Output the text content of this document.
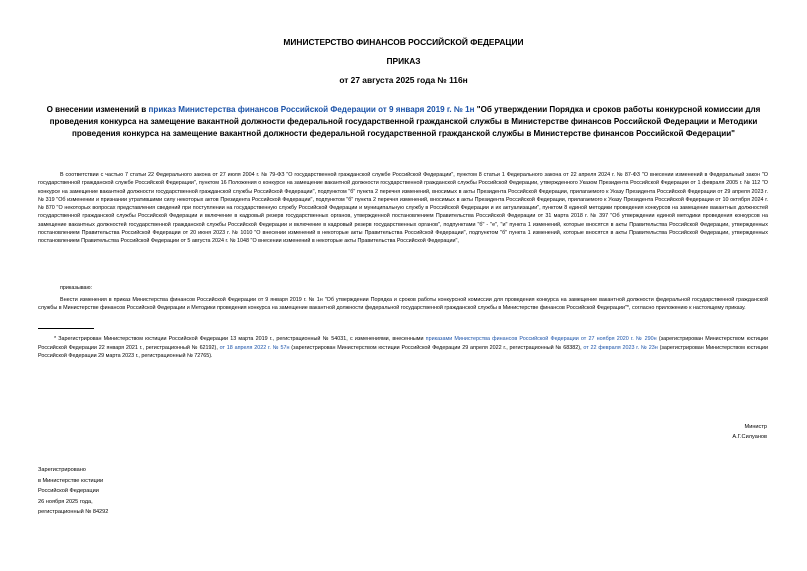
МИНИСТЕРСТВО ФИНАНСОВ РОССИЙСКОЙ ФЕДЕРАЦИИ
ПРИКАЗ
от 27 августа 2025 года № 116н
О внесении изменений в приказ Министерства финансов Российской Федерации от 9 января 2019 г. № 1н "Об утверждении Порядка и сроков работы конкурсной комиссии для проведения конкурса на замещение вакантной должности федеральной государственной гражданской службы в Министерстве финансов Российской Федерации и Методики проведения конкурса на замещение вакантной должности федеральной государственной гражданской службы в Министерстве финансов Российской Федерации"
В соответствии с частью 7 статьи 22 Федерального закона от 27 июля 2004 г. № 79-ФЗ "О государственной гражданской службе Российской Федерации", пунктом 8 статьи 1 Федерального закона от 22 апреля 2024 г. № 87-ФЗ "О внесении изменений в Федеральный закон "О государственной гражданской службе Российской Федерации", пунктом 16 Положения о конкурсе на замещение вакантной должности государственной гражданской службы Российской Федерации, утвержденного Указом Президента Российской Федерации от 1 февраля 2005 г. № 112 "О конкурсе на замещение вакантной должности государственной гражданской службы Российской Федерации", подпунктом "б" пункта 2 перечня изменений, вносимых в акты Президента Российской Федерации, прилагаемого к Указу Президента Российской Федерации от 29 апреля 2023 г. № 319 "Об изменении и признании утратившими силу некоторых актов Президента Российской Федерации", подпунктом "б" пункта 2 перечня изменений, вносимых в акты Президента Российской Федерации, прилагаемого к Указу Президента Российской Федерации от 10 октября 2024 г. № 870 "О некоторых вопросах представления сведений при поступлении на государственную службу Российской Федерации и муниципальную службу в Российской Федерации и их актуализации", пунктом 8 единой методики проведения конкурсов на замещение вакантных должностей государственной гражданской службы Российской Федерации и включение в кадровый резерв государственных органов, утвержденной постановлением Правительства Российской Федерации от 31 марта 2018 г. № 397 "Об утверждении единой методики проведения конкурсов на замещение вакантных должностей государственной гражданской службы Российской Федерации и включение в кадровый резерв государственных органов", подпунктами "б" - "е", "и" пункта 1 изменений, которые вносятся в акты Правительства Российской Федерации, утвержденных постановлением Правительства Российской Федерации от 20 июня 2023 г. № 1010 "О внесении изменений в некоторые акты Правительства Российской Федерации", подпунктом "б" пункта 1 изменений, которые вносятся в акты Правительства Российской Федерации, утвержденных постановлением Правительства Российской Федерации от 5 августа 2024 г. № 1048 "О внесении изменений в некоторые акты Правительства Российской Федерации",
приказываю:
Внести изменения в приказ Министерства финансов Российской Федерации от 9 января 2019 г. № 1н "Об утверждении Порядка и сроков работы конкурсной комиссии для проведения конкурса на замещение вакантной должности федеральной государственной гражданской службы в Министерстве финансов Российской Федерации и Методики проведения конкурса на замещение вакантной должности федеральной государственной гражданской службы в Министерстве финансов Российской Федерации"*, согласно приложению к настоящему приказу.
* Зарегистрирован Министерством юстиции Российской Федерации 13 марта 2019 г., регистрационный № 54031, с изменениями, внесенными приказами Министерства финансов Российской Федерации от 27 ноября 2020 г. № 290н (зарегистрирован Министерством юстиции Российской Федерации 22 января 2021 г., регистрационный № 62192), от 18 апреля 2022 г. № 57н (зарегистрирован Министерством юстиции Российской Федерации 29 апреля 2022 г., регистрационный № 68382), от 22 февраля 2023 г. № 23н (зарегистрирован Министерством юстиции Российской Федерации 29 марта 2023 г., регистрационный № 72765).
Министр
А.Г.Силуанов
Зарегистрировано
в Министерстве юстиции
Российской Федерации
26 ноября 2025 года,
регистрационный № 84292
